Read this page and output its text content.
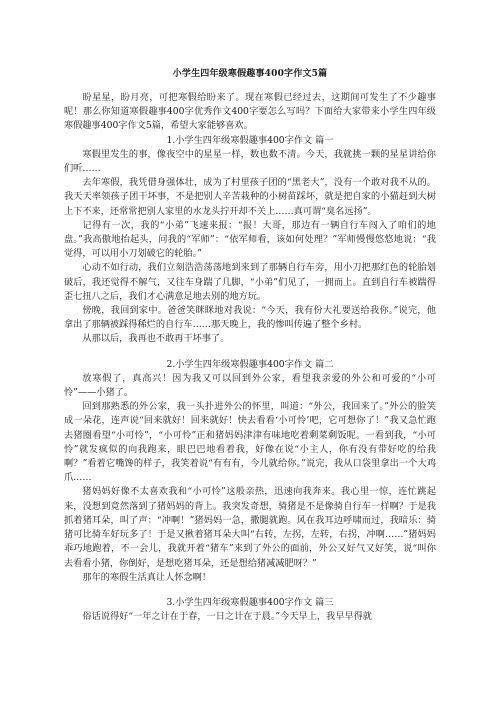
小学生四年级寒假趣事400字作文5篇

盼星星，盼月亮，可把寒假给盼来了。现在寒假已经过去，这期间可发生了不少趣事呢！那么你知道寒假趣事400字优秀作文400字要怎么写吗？下面给大家带来小学生四年级寒假趣事400字作文5篇，希望大家能够喜欢。

1.小学生四年级寒假趣事400字作文 篇一

寒假里发生的事，像夜空中的星星一样，数也数不清。今天，我就挑一颗的星星讲给你们听……

去年寒假，我凭借身强体壮，成为了村里孩子团的“黑老大”，没有一个敢对我不从的。我天天率领孩子团干坏事，不是把别人辛苦栽种的小树苗踩坏，就是把自家的小猫赶到大树上下不来，还常常把别人家里的水龙头拧开却不关上……真可谓“臭名远扬”。

记得有一次，我的“小弟”飞速来报：“报！大哥，那边有一辆自行车闯入了咱们的地盘。”我高傲地抬起头，问我的“军师”：“依军师看，该如何处理？”军师慢慢悠悠地说：“我觉得，可以用小刀划破它的轮胎。”

心动不如行动，我们立刻浩浩荡荡地到来到了那辆自行车旁，用小刀把那红色的轮胎划破后，我还觉得不解气，又往车身踹了几脚，“小弟”们见了，一拥而上。直到自行车被踹得歪七扭八之后，我们才心满意足地去别的地方玩。

傍晚，我回到家中。爸爸笑眯眯地对我说：“今天，我有份大礼要送给我你。”说完，他拿出了那辆被踩得稀烂的自行车……那天晚上，我的惨叫传遍了整个乡村。

从那以后，我再也不敢再干坏事了。

2.小学生四年级寒假趣事400字作文 篇二

放寒假了，真高兴！因为我又可以回到外公家，看望我亲爱的外公和可爱的“小可怜”——小猪了。

回到那熟悉的外公家，我一头扑进外公的怀里，叫道：“外公，我回来了。”外公的脸笑成一朵花，连声说“回来就好！回来就好！快去看看‘小可怜’吧，它可想你了！”我又急忙跑去猪圈看望“小可怜”，“小可怜”正和猪妈妈津津有味地吃着剩菜剩饭呢。一看到我，“小可怜”就发疯似的向我跑来，眼巴巴地看着我，好像在说“小主人，你有没有带好吃的给我啊？”看着它嘴馋的样子，我笑着说“有有有，今儿就给你。”说完，我从口袋里拿出一个大鸡爪……

猪妈妈好像不太喜欢我和“小可怜”这般亲热，迅速向我奔来。我心里一惊，连忙跳起来，没想到竟然落到了猪妈妈的背上。我突发奇想，骑猪是不是像骑自行车一样啊？于是我抓着猪耳朵，叫了声：“冲啊！”猪妈妈一急，撒腿就跑。风在我耳边呼啸而过，我暗乐：骑猪可比骑车好玩多了！于是又揪着猪耳朵大叫“右转，左拐，左转，右拐，冲啊……”猪妈妈乖巧地跑着，不一会儿，我就开着“猪车”来到了外公的面前，外公又好气又好笑，说“叫你去看看小猪，你倒好，是想吃猪耳朵，还是想给猪减减肥呀？”

那年的寒假生活真让人怀念啊！

3.小学生四年级寒假趣事400字作文 篇三

俗话说得好“一年之计在于春，一日之计在于晨。”今天早上，我早早得就
